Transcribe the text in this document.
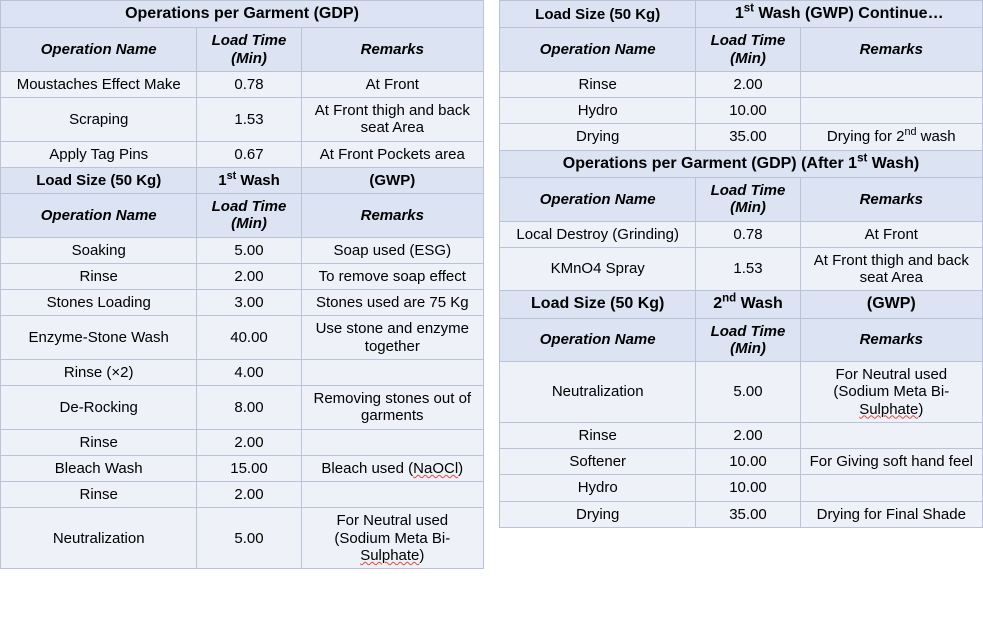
Operations per Garment (GDP)		
Operation Name	Load Time (Min)	Remarks
Moustaches Effect Make	0.78	At Front
Scraping	1.53	At Front thigh and back seat Area
Apply Tag Pins	0.67	At Front Pockets area
Load Size (50 Kg)	1st Wash	(GWP)
Operation Name	Load Time (Min)	Remarks
Soaking	5.00	Soap used (ESG)
Rinse	2.00	To remove soap effect
Stones Loading	3.00	Stones used are 75 Kg
Enzyme-Stone Wash	40.00	Use stone and enzyme together
Rinse (×2)	4.00	
De-Rocking	8.00	Removing stones out of garments
Rinse	2.00	
Bleach Wash	15.00	Bleach used (NaOCl)
Rinse	2.00	
Neutralization	5.00	For Neutral used (Sodium Meta Bi-Sulphate)
Load Size (50 Kg)	1st Wash (GWP) Continue…	
Operation Name	Load Time (Min)	Remarks
Rinse	2.00	
Hydro	10.00	
Drying	35.00	Drying for 2nd wash
Operations per Garment (GDP) (After 1st Wash)		
Operation Name	Load Time (Min)	Remarks
Local Destroy (Grinding)	0.78	At Front
KMnO4 Spray	1.53	At Front thigh and back seat Area
Load Size (50 Kg)	2nd Wash	(GWP)
Operation Name	Load Time (Min)	Remarks
Neutralization	5.00	For Neutral used (Sodium Meta Bi-Sulphate)
Rinse	2.00	
Softener	10.00	For Giving soft hand feel
Hydro	10.00	
Drying	35.00	Drying for Final Shade
